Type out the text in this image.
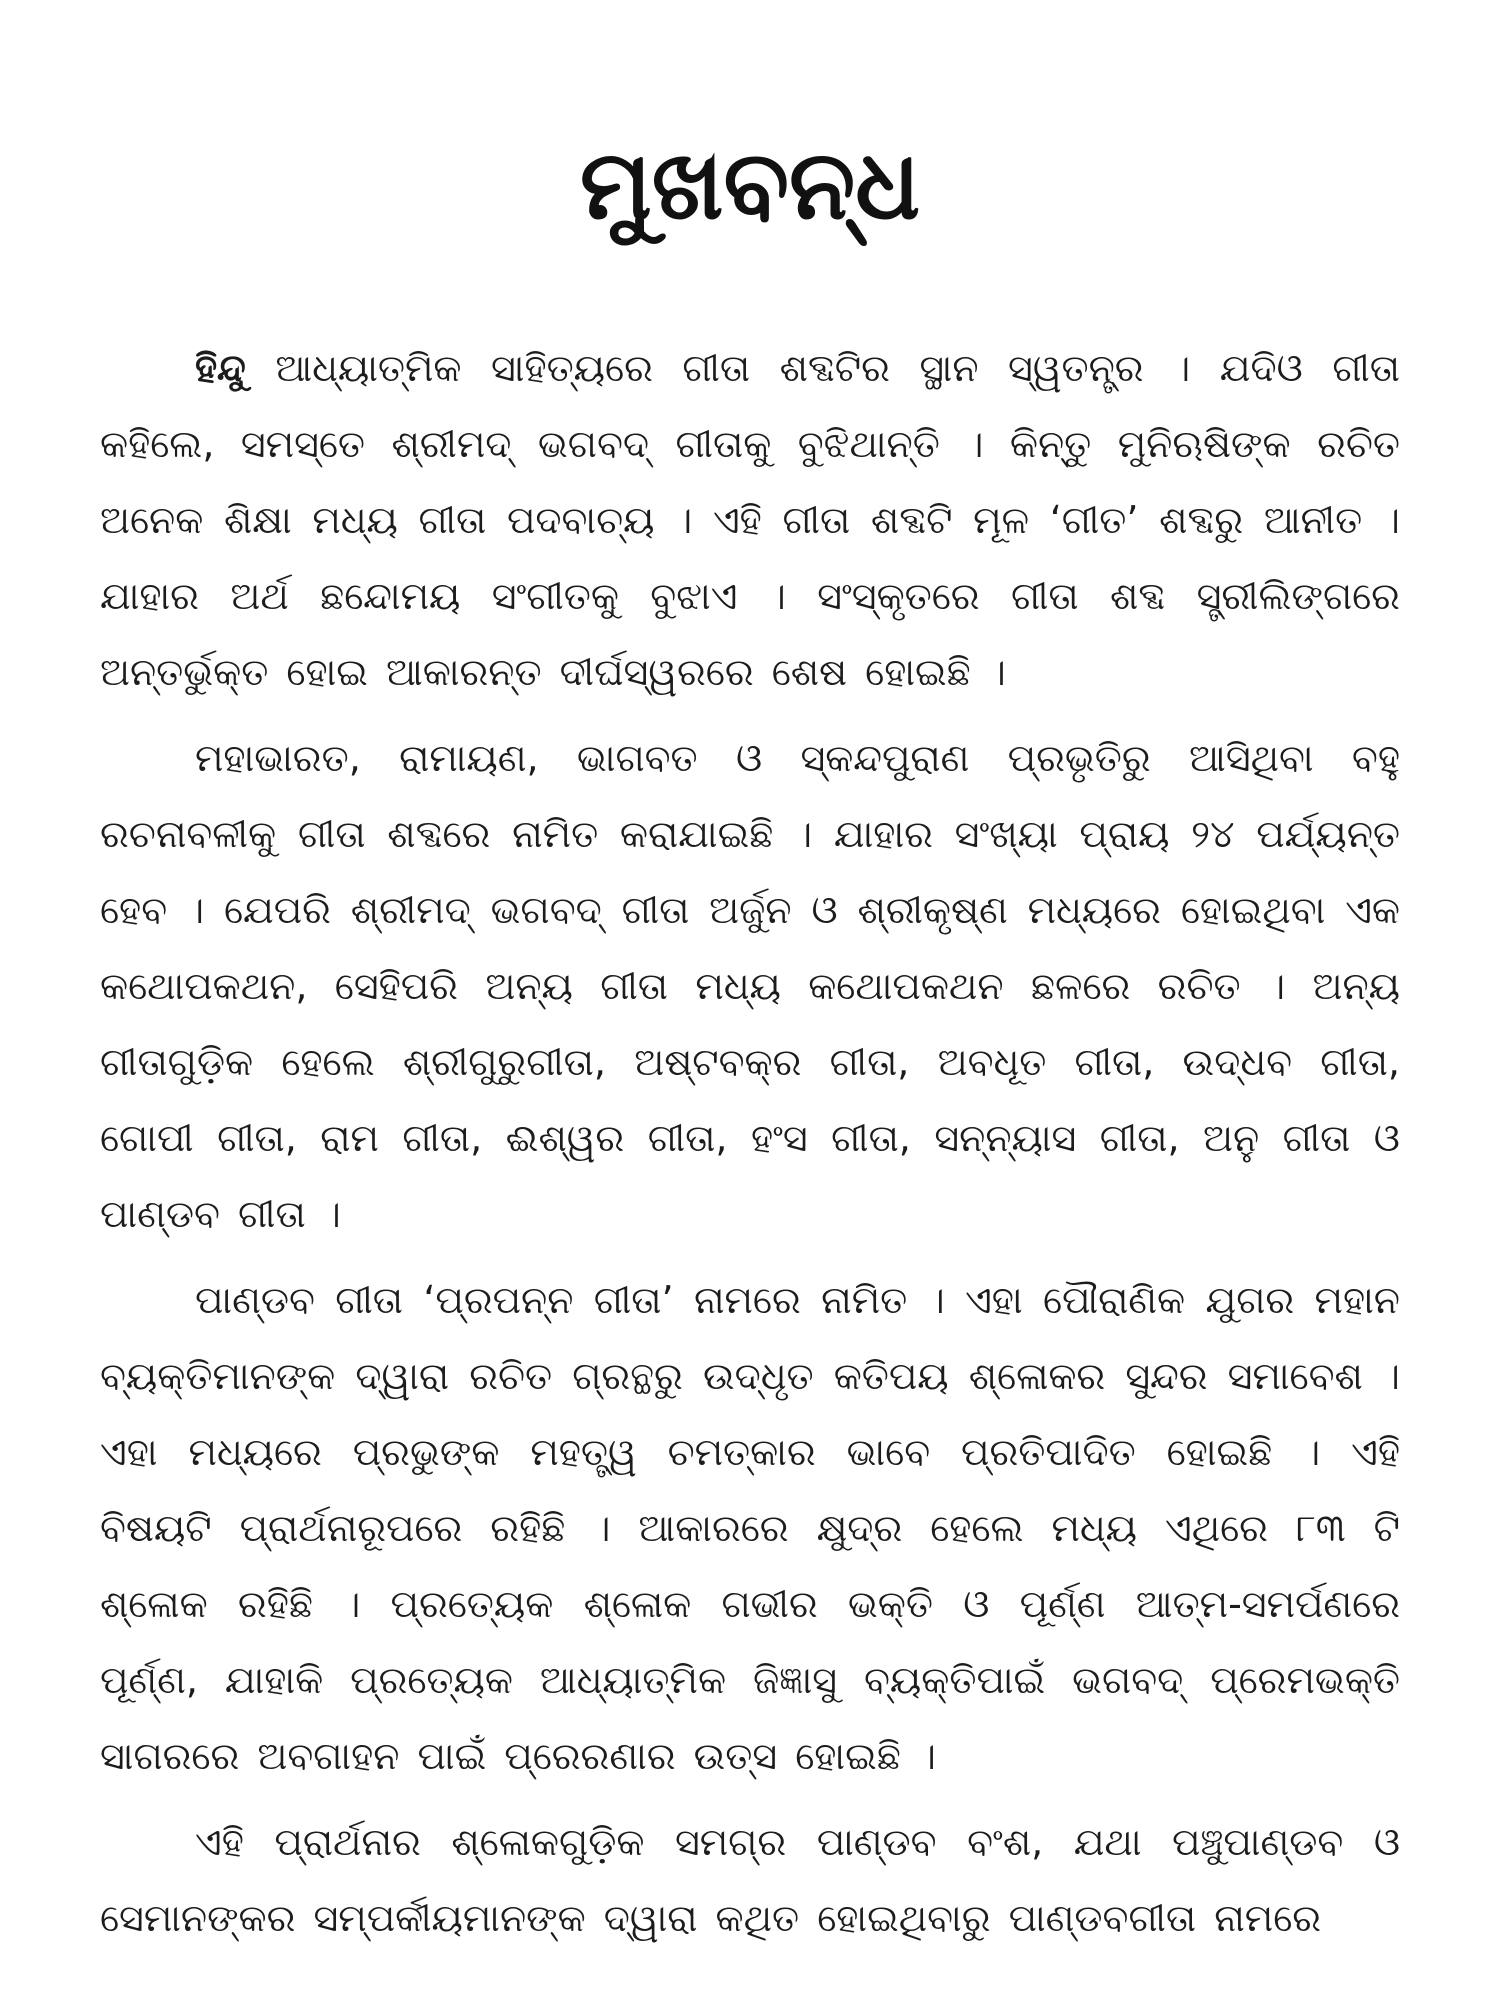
ମୁଖବନ୍ଧ

ହିନ୍ଦୁ ଆଧ୍ୟାତ୍ମିକ ସାହିତ୍ୟରେ ଗୀତା ଶବ୍ଦଟିର ସ୍ଥାନ ସ୍ୱତନ୍ତ୍ର । ଯଦିଓ ଗୀତା କହିଲେ, ସମସ୍ତେ ଶ୍ରୀମଦ୍ ଭଗବଦ୍ ଗୀତାକୁ ବୁଝିଥାନ୍ତି । କିନ୍ତୁ ମୁନିଋଷିଙ୍କ ରଚିତ ଅନେକ ଶିକ୍ଷା ମଧ୍ୟ ଗୀତା ପଦବାଚ୍ୟ । ଏହି ଗୀତା ଶବ୍ଦଟି ମୂଳ ‘ଗୀତ’ ଶବ୍ଦରୁ ଆନୀତ । ଯାହାର ଅର୍ଥ ଛନ୍ଦୋମୟ ସଂଗୀତକୁ ବୁଝାଏ । ସଂସ୍କୃତରେ ଗୀତା ଶବ୍ଦ ସ୍ତ୍ରୀଲିଙ୍ଗରେ ଅନ୍ତର୍ଭୁକ୍ତ ହୋଇ ଆକାରନ୍ତ ଦୀର୍ଘସ୍ୱରରେ ଶେଷ ହୋଇଛି ।

ମହାଭାରତ, ରାମାୟଣ, ଭାଗବତ ଓ ସ୍କନ୍ଦପୁରାଣ ପ୍ରଭୃତିରୁ ଆସିଥିବା ବହୁ ରଚନାବଳୀକୁ ଗୀତା ଶବ୍ଦରେ ନାମିତ କରାଯାଇଛି । ଯାହାର ସଂଖ୍ୟା ପ୍ରାୟ ୨୪ ପର୍ଯ୍ୟନ୍ତ ହେବ । ଯେପରି ଶ୍ରୀମଦ୍ ଭଗବଦ୍ ଗୀତା ଅର୍ଜୁନ ଓ ଶ୍ରୀକୃଷ୍ଣ ମଧ୍ୟରେ ହୋଇଥିବା ଏକ କଥୋପକଥନ, ସେହିପରି ଅନ୍ୟ ଗୀତା ମଧ୍ୟ କଥୋପକଥନ ଛଳରେ ରଚିତ । ଅନ୍ୟ ଗୀତାଗୁଡ଼ିକ ହେଲେ ଶ୍ରୀଗୁରୁଗୀତା, ଅଷ୍ଟବକ୍ର ଗୀତା, ଅବଧୂତ ଗୀତା, ଉଦ୍ଧବ ଗୀତା, ଗୋପୀ ଗୀତା, ରାମ ଗୀତା, ଈଶ୍ୱର ଗୀତା, ହଂସ ଗୀତା, ସନ୍ନ୍ୟାସ ଗୀତା, ଅନୁ ଗୀତା ଓ ପାଣ୍ଡବ ଗୀତା ।

ପାଣ୍ଡବ ଗୀତା ‘ପ୍ରପନ୍ନ ଗୀତା’ ନାମରେ ନାମିତ । ଏହା ପୌରାଣିକ ଯୁଗର ମହାନ ବ୍ୟକ୍ତିମାନଙ୍କ ଦ୍ୱାରା ରଚିତ ଗ୍ରନ୍ଥରୁ ଉଦ୍ଧୃତ କତିପୟ ଶ୍ଳୋକର ସୁନ୍ଦର ସମାବେଶ । ଏହା ମଧ୍ୟରେ ପ୍ରଭୁଙ୍କ ମହତ୍ତ୍ୱ ଚମତ୍କାର ଭାବେ ପ୍ରତିପାଦିତ ହୋଇଛି । ଏହି ବିଷୟଟି ପ୍ରାର୍ଥନାରୂପରେ ରହିଛି । ଆକାରରେ କ୍ଷୁଦ୍ର ହେଲେ ମଧ୍ୟ ଏଥିରେ ୮୩ ଟି ଶ୍ଳୋକ ରହିଛି । ପ୍ରତ୍ୟେକ ଶ୍ଳୋକ ଗଭୀର ଭକ୍ତି ଓ ପୂର୍ଣ୍ଣ ଆତ୍ମ-ସମର୍ପଣରେ ପୂର୍ଣ୍ଣ, ଯାହାକି ପ୍ରତ୍ୟେକ ଆଧ୍ୟାତ୍ମିକ ଜିଜ୍ଞାସୁ ବ୍ୟକ୍ତିପାଇଁ ଭଗବଦ୍ ପ୍ରେମଭକ୍ତି ସାଗରରେ ଅବଗାହନ ପାଇଁ ପ୍ରେରଣାର ଉତ୍ସ ହୋଇଛି ।

ଏହି ପ୍ରାର୍ଥନାର ଶ୍ଳୋକଗୁଡ଼ିକ ସମଗ୍ର ପାଣ୍ଡବ ବଂଶ, ଯଥା ପଞ୍ଚୁପାଣ୍ଡବ ଓ ସେମାନଙ୍କର ସମ୍ପର୍କୀୟମାନଙ୍କ ଦ୍ୱାରା କଥିତ ହୋଇଥିବାରୁ ପାଣ୍ଡବଗୀତା ନାମରେ
